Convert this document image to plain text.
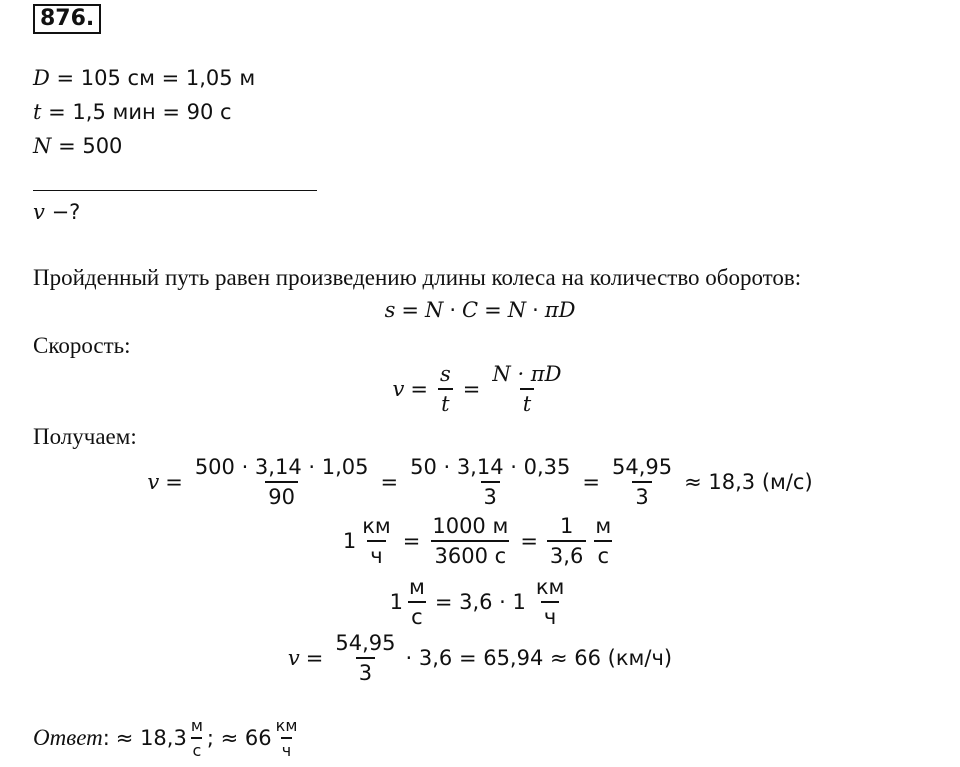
876.
D = 105 см = 1,05 м
t = 1,5 мин = 90 с
N = 500
v −?
Пройденный путь равен произведению длины колеса на количество оборотов:
s = N · C = N · πD
Скорость:
$v = \frac{s}{t} = \frac{N \cdot \pi D}{t}$
Получаем:
$v = \frac{500 \cdot 3,14 \cdot 1,05}{90} = \frac{50 \cdot 3,14 \cdot 0,35}{3} = \frac{54,95}{3} \approx 18,3$ (м/с)
$1 \frac{км}{ч} = \frac{1000 м}{3600 с} = \frac{1}{3,6} \frac{м}{с}$
$1 \frac{м}{с} = 3,6 \cdot 1 \frac{км}{ч}$
$v = \frac{54,95}{3} \cdot 3,6 = 65,94 \approx 66$ (км/ч)
Ответ : ≈ $18,3 \frac{м}{с}$ ; ≈ $66 \frac{км}{ч}$
